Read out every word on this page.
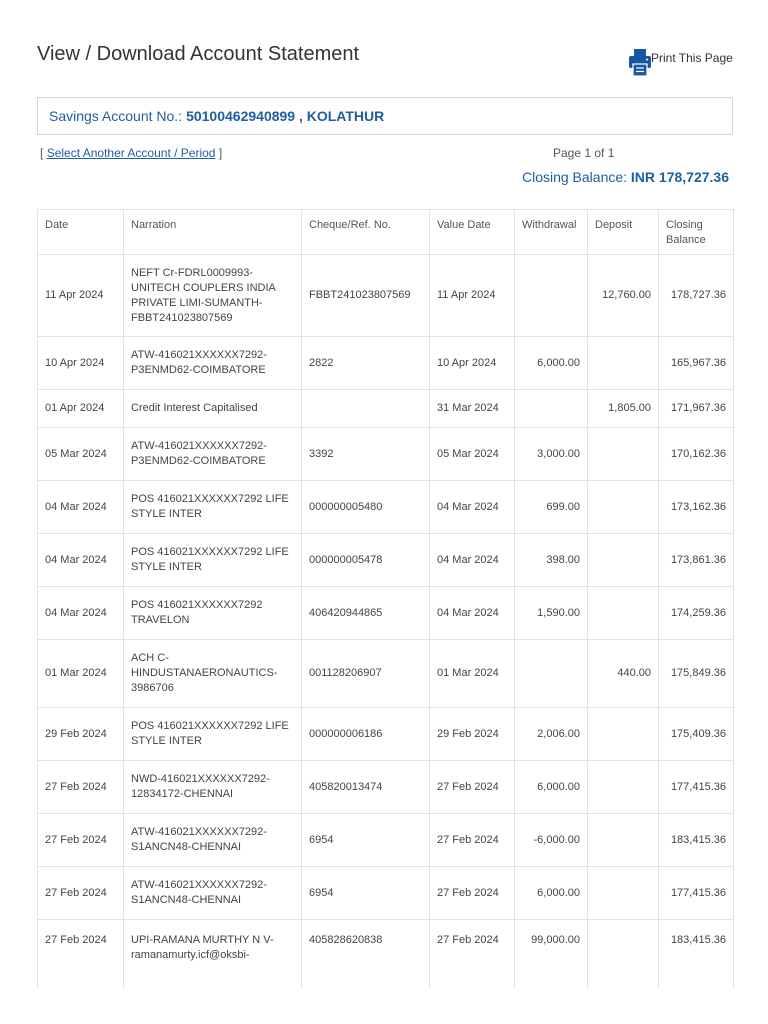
View / Download Account Statement	Print This Page
Savings Account No.: 50100462940899 , KOLATHUR
[ Select Another Account / Period ]	Page 1 of 1
Closing Balance: INR 178,727.36
Date	Narration	Cheque/Ref. No.	Value Date	Withdrawal	Deposit	Closing Balance
11 Apr 2024	NEFT Cr-FDRL0009993-UNITECH COUPLERS INDIA PRIVATE LIMI-SUMANTH-FBBT241023807569	FBBT241023807569	11 Apr 2024		12,760.00	178,727.36
10 Apr 2024	ATW-416021XXXXXX7292-P3ENMD62-COIMBATORE	2822	10 Apr 2024	6,000.00		165,967.36
01 Apr 2024	Credit Interest Capitalised		31 Mar 2024		1,805.00	171,967.36
05 Mar 2024	ATW-416021XXXXXX7292-P3ENMD62-COIMBATORE	3392	05 Mar 2024	3,000.00		170,162.36
04 Mar 2024	POS 416021XXXXXX7292 LIFE STYLE INTER	000000005480	04 Mar 2024	699.00		173,162.36
04 Mar 2024	POS 416021XXXXXX7292 LIFE STYLE INTER	000000005478	04 Mar 2024	398.00		173,861.36
04 Mar 2024	POS 416021XXXXXX7292 TRAVELON	406420944865	04 Mar 2024	1,590.00		174,259.36
01 Mar 2024	ACH C-HINDUSTANAERONAUTICS-3986706	001128206907	01 Mar 2024		440.00	175,849.36
29 Feb 2024	POS 416021XXXXXX7292 LIFE STYLE INTER	000000006186	29 Feb 2024	2,006.00		175,409.36
27 Feb 2024	NWD-416021XXXXXX7292-12834172-CHENNAI	405820013474	27 Feb 2024	6,000.00		177,415.36
27 Feb 2024	ATW-416021XXXXXX7292-S1ANCN48-CHENNAI	6954	27 Feb 2024	-6,000.00		183,415.36
27 Feb 2024	ATW-416021XXXXXX7292-S1ANCN48-CHENNAI	6954	27 Feb 2024	6,000.00		177,415.36
27 Feb 2024	UPI-RAMANA MURTHY N V-ramanamurty.icf@oksbi-	405828620838	27 Feb 2024	99,000.00		183,415.36
